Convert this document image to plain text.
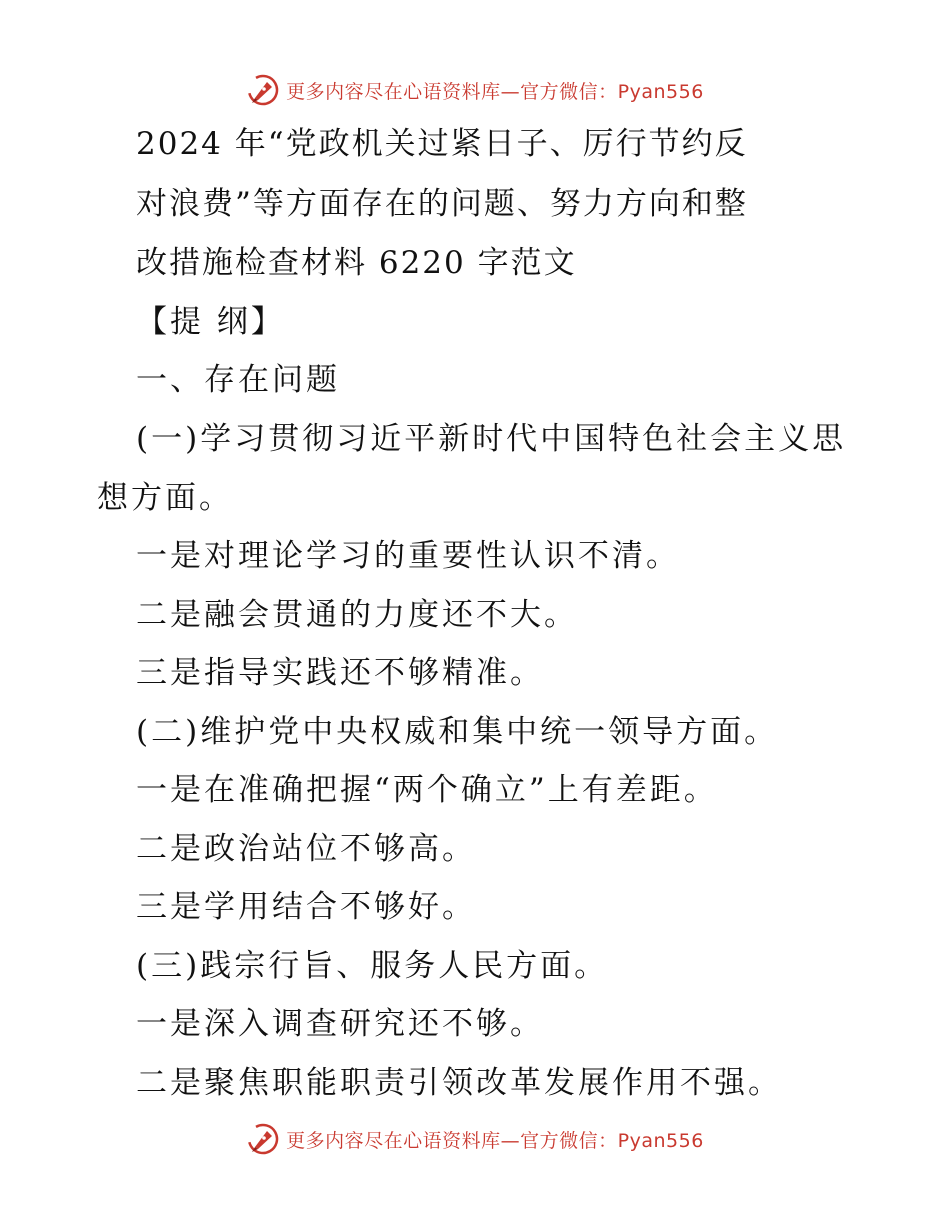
更多内容尽在心语资料库—官方微信：Pyan556
2024 年“党政机关过紧日子、厉行节约反
对浪费”等方面存在的问题、努力方向和整
改措施检查材料 6220 字范文
【提 纲】
一、存在问题
(一)学习贯彻习近平新时代中国特色社会主义思
想方面。
一是对理论学习的重要性认识不清。
二是融会贯通的力度还不大。
三是指导实践还不够精准。
(二)维护党中央权威和集中统一领导方面。
一是在准确把握“两个确立”上有差距。
二是政治站位不够高。
三是学用结合不够好。
(三)践宗行旨、服务人民方面。
一是深入调查研究还不够。
二是聚焦职能职责引领改革发展作用不强。
更多内容尽在心语资料库—官方微信：Pyan556
